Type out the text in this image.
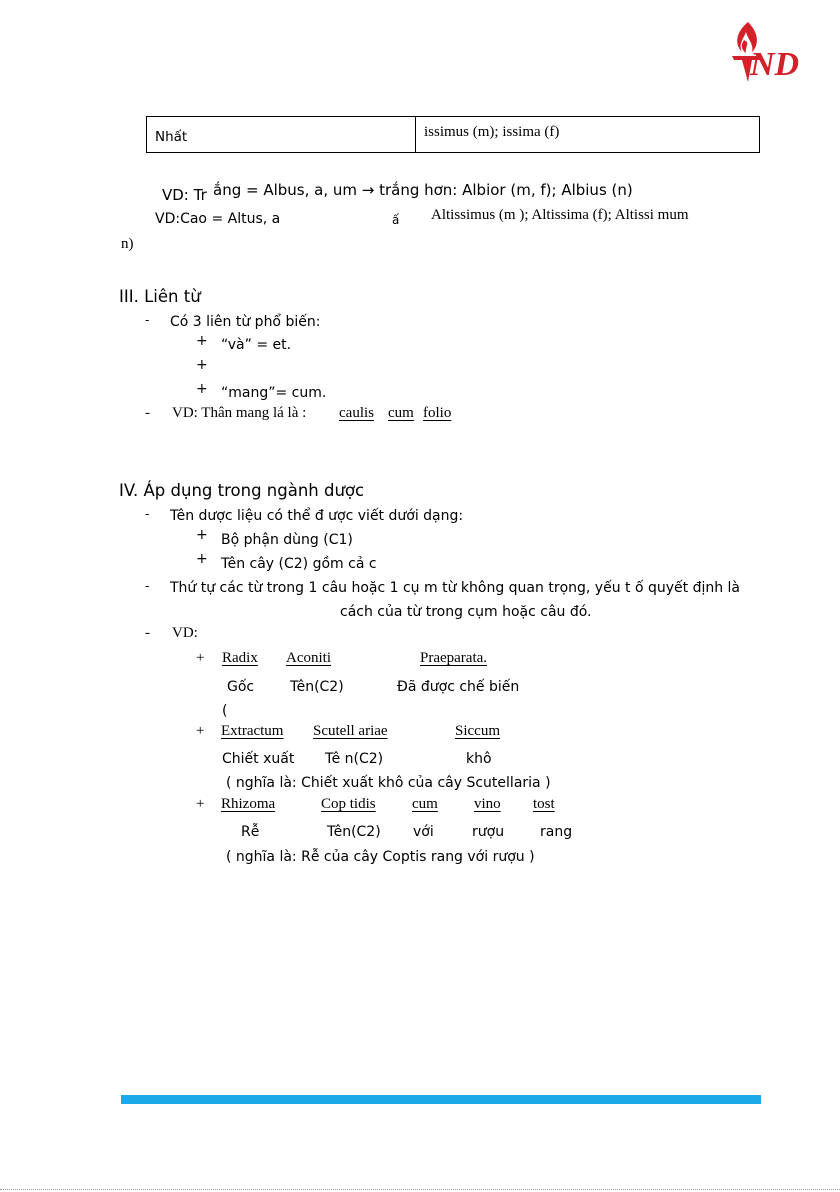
ND
Nhất	issimus (m); issima (f)
VD: Tr ắng = Albus, a, um → trắng hơn: Albior (m, f); Albius (n)
VD:Cao = Altus, a	ấ Altissimus (m ); Altissima (f); Altissi mum
n)
III. Liên từ
- Có 3 liên từ phổ biến:
+ “và” = et.
+
+ “mang”= cum.
- VD: Thân mang lá là : caulis cum folio
IV. Áp dụng trong ngành dược
- Tên dược liệu có thể đ ược viết dưới dạng:
+ Bộ phận dùng (C1)
+ Tên cây (C2) gồm cả c
- Thứ tự các từ trong 1 câu hoặc 1 cụ m từ không quan trọng, yếu t ố quyết định là
cách của từ trong cụm hoặc câu đó.
- VD:
+ Radix Aconiti	Praeparata.
Gốc	Tên(C2)	Đã được chế biến
(
+ Extractum Scutell ariae	Siccum
Chiết xuất Tê n(C2)	khô
( nghĩa là: Chiết xuất khô của cây Scutellaria )
+ Rhizoma	Cop tidis cum vino tost
Rễ	Tên(C2) với	rượu	rang
( nghĩa là: Rễ của cây Coptis rang với rượu )
